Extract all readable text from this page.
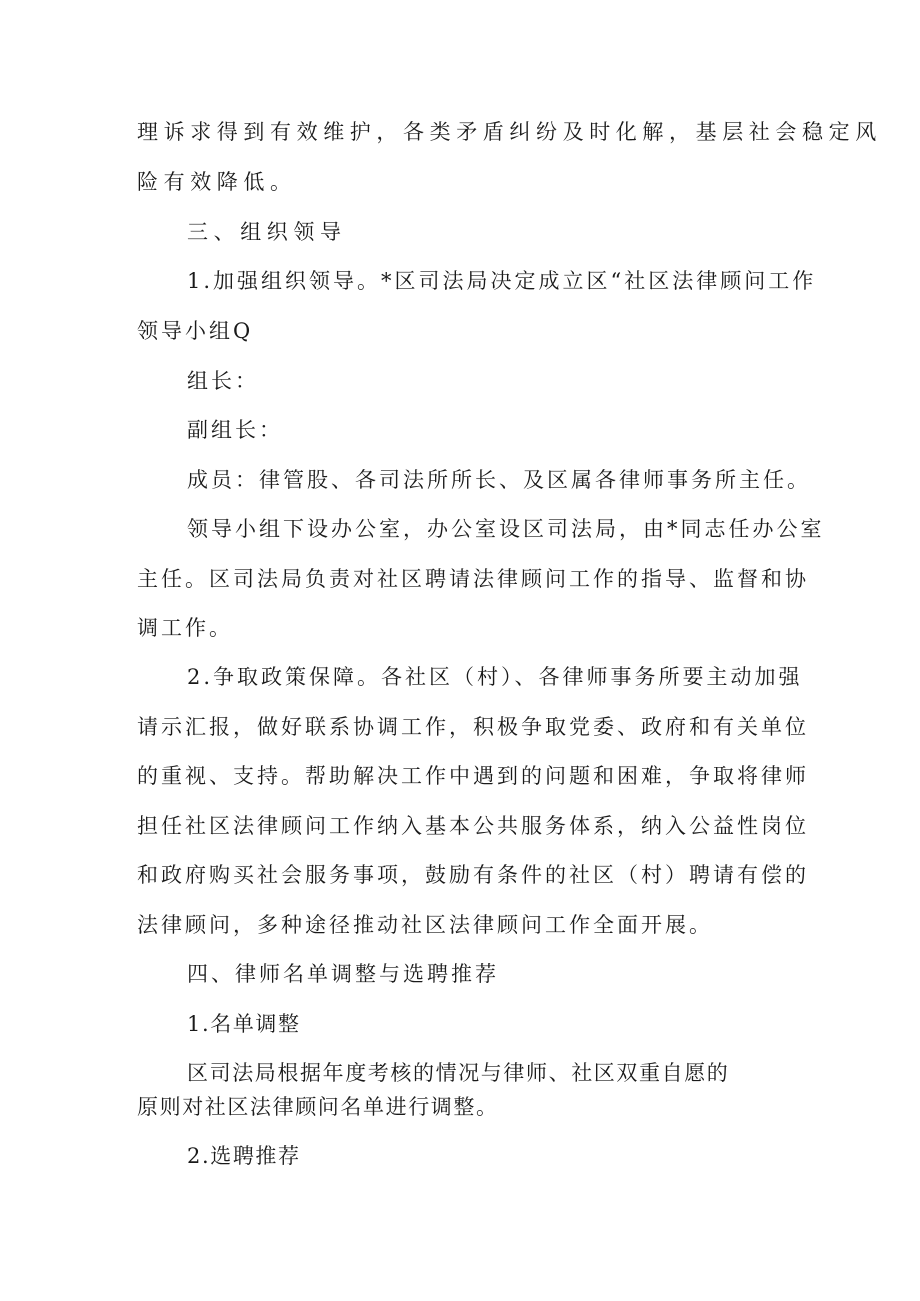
理诉求得到有效维护，各类矛盾纠纷及时化解，基层社会稳定风
险有效降低。
三、组织领导
1.加强组织领导。*区司法局决定成立区“社区法律顾问工作
领导小组Q
组长：
副组长：
成员：律管股、各司法所所长、及区属各律师事务所主任。
领导小组下设办公室，办公室设区司法局，由*同志任办公室
主任。区司法局负责对社区聘请法律顾问工作的指导、监督和协
调工作。
2.争取政策保障。各社区（村）、各律师事务所要主动加强
请示汇报，做好联系协调工作，积极争取党委、政府和有关单位
的重视、支持。帮助解决工作中遇到的问题和困难，争取将律师
担任社区法律顾问工作纳入基本公共服务体系，纳入公益性岗位
和政府购买社会服务事项，鼓励有条件的社区（村）聘请有偿的
法律顾问，多种途径推动社区法律顾问工作全面开展。
四、律师名单调整与选聘推荐
1.名单调整
区司法局根据年度考核的情况与律师、社区双重自愿的
原则对社区法律顾问名单进行调整。
2.选聘推荐
